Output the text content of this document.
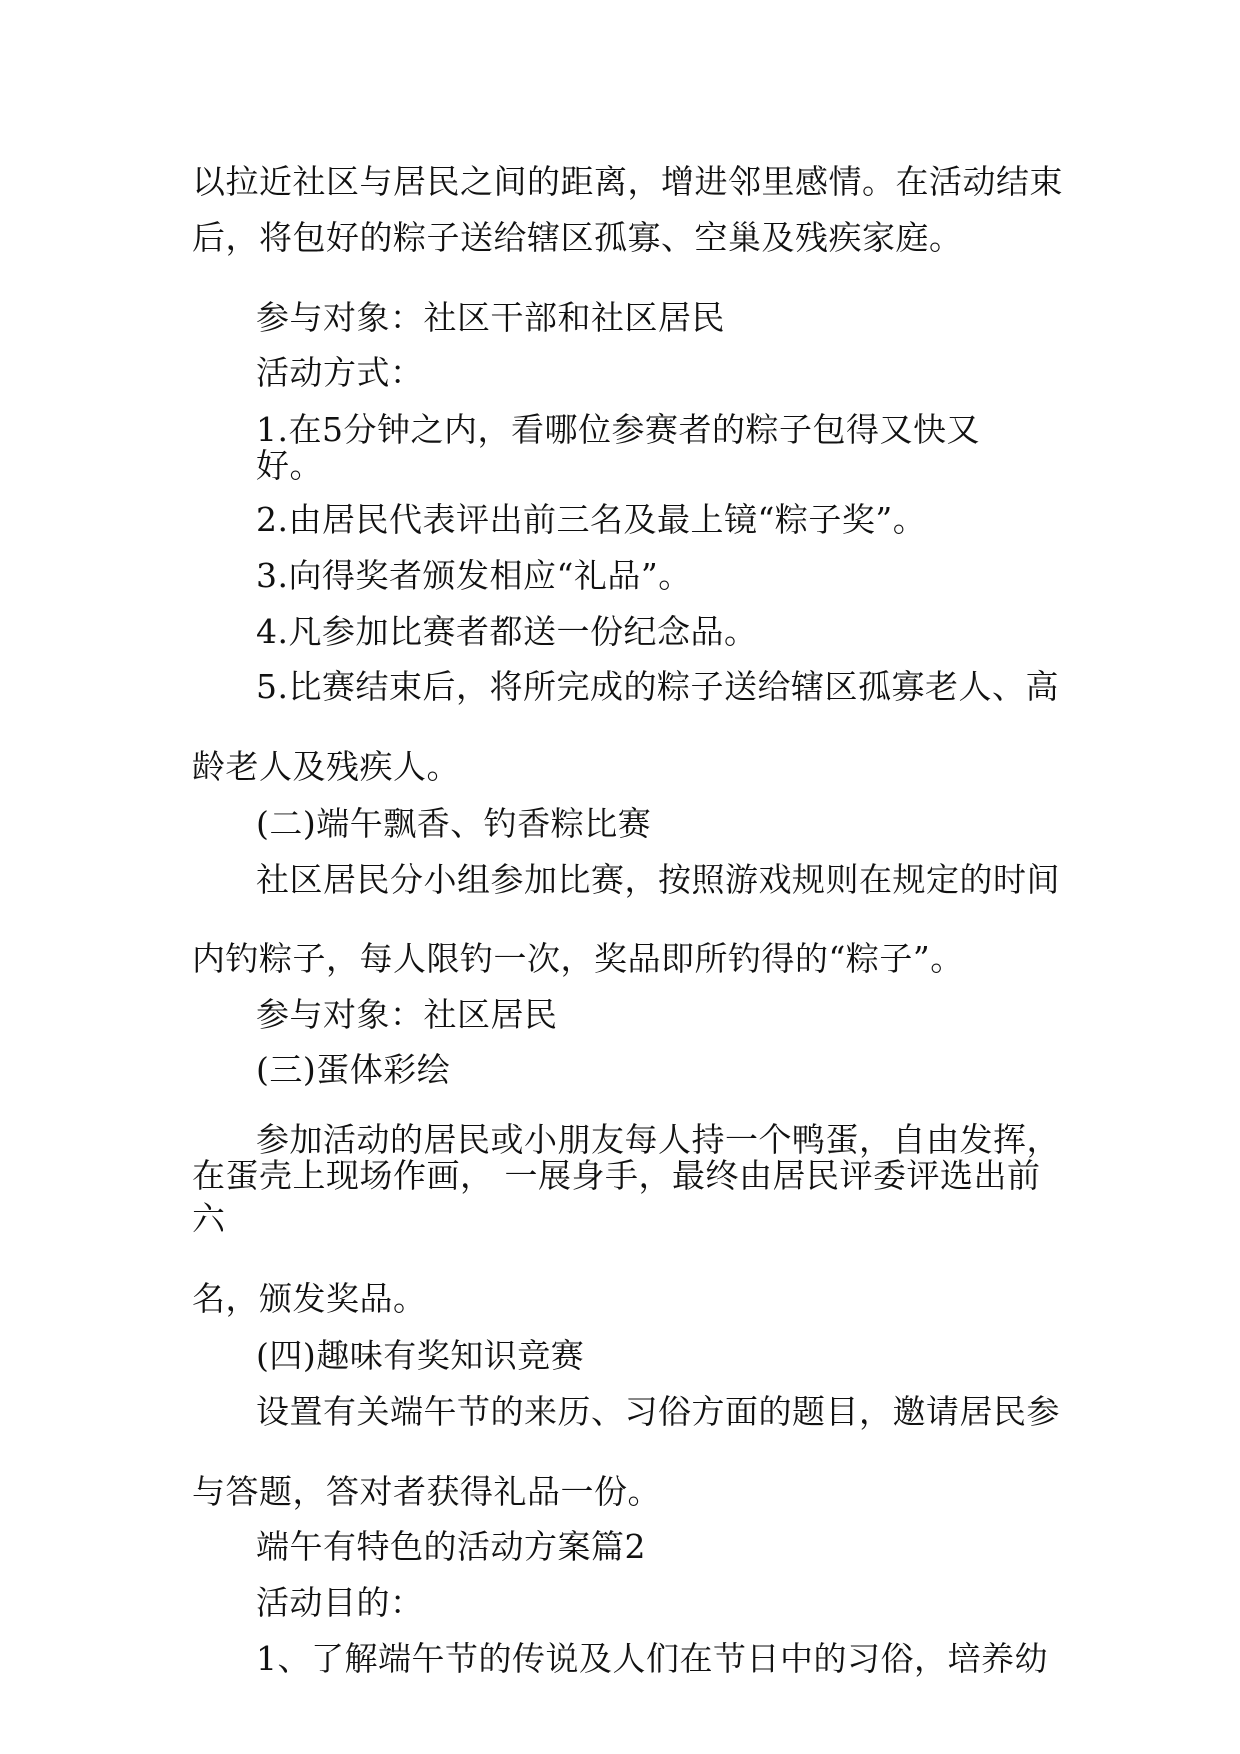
以拉近社区与居民之间的距离，增进邻里感情。在活动结束
后，将包好的粽子送给辖区孤寡、空巢及残疾家庭。
参与对象：社区干部和社区居民
活动方式：
1.在5分钟之内，看哪位参赛者的粽子包得又快又
好。
2.由居民代表评出前三名及最上镜“粽子奖”。
3.向得奖者颁发相应“礼品”。
4.凡参加比赛者都送一份纪念品。
5.比赛结束后，将所完成的粽子送给辖区孤寡老人、高
龄老人及残疾人。
(二)端午飘香、钓香粽比赛
社区居民分小组参加比赛，按照游戏规则在规定的时间
内钓粽子，每人限钓一次，奖品即所钓得的“粽子”。
参与对象：社区居民
(三)蛋体彩绘
参加活动的居民或小朋友每人持一个鸭蛋，自由发挥，
在蛋壳上现场作画， 一展身手，最终由居民评委评选出前
六
名，颁发奖品。
(四)趣味有奖知识竞赛
设置有关端午节的来历、习俗方面的题目，邀请居民参
与答题，答对者获得礼品一份。
端午有特色的活动方案篇2
活动目的：
1、了解端午节的传说及人们在节日中的习俗，培养幼
